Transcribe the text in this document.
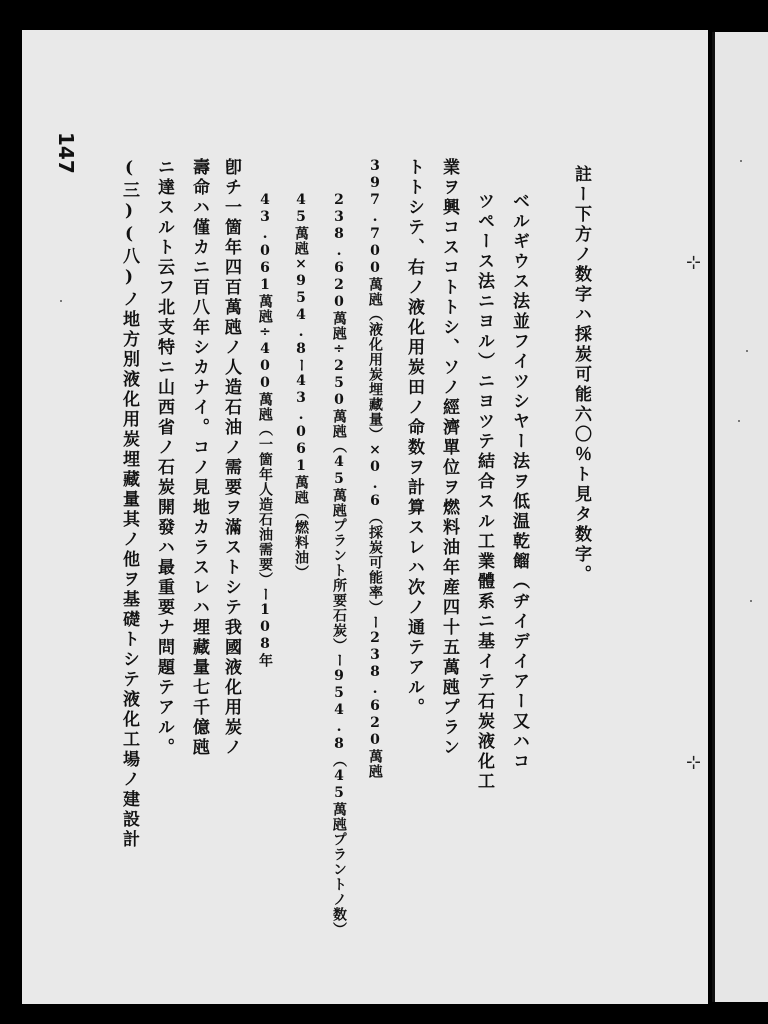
147
註ー下方ノ数字ハ採炭可能六〇％ト見タ数字。
ベルギウス法並フイツシヤー法ヲ低温乾餾（ヂイデイアー又ハコ
ツペース法ニヨル）ニヨツテ結合スル工業體系ニ基イテ石炭液化工
業ヲ興コスコトトシ、ソノ經濟單位ヲ燃料油年産四十五萬瓲プラン
トトシテ、右ノ液化用炭田ノ命数ヲ計算スレハ次ノ通テアル。
397.700萬瓲（液化用炭埋藏量）×0.6（採炭可能率）ー238.620萬瓲
238.620萬瓲÷250萬瓲（45萬瓲プラント所要石炭）ー954.8（45萬瓲プラントノ数）
45萬瓲×954.8ー43.061萬瓲（燃料油）
43.061萬瓲÷400萬瓲（一箇年人造石油需要）ー108年
卽チ一箇年四百萬瓲ノ人造石油ノ需要ヲ滿ストシテ我國液化用炭ノ
壽命ハ僅カニ百八年シカナイ。コノ見地カラスレハ埋藏量七千億瓲
ニ達スルト云フ北支特ニ山西省ノ石炭開發ハ最重要ナ問題テアル。
(三)(八)ノ地方別液化用炭埋藏量其ノ他ヲ基礎トシテ液化工場ノ建設計	⊹
⊹
